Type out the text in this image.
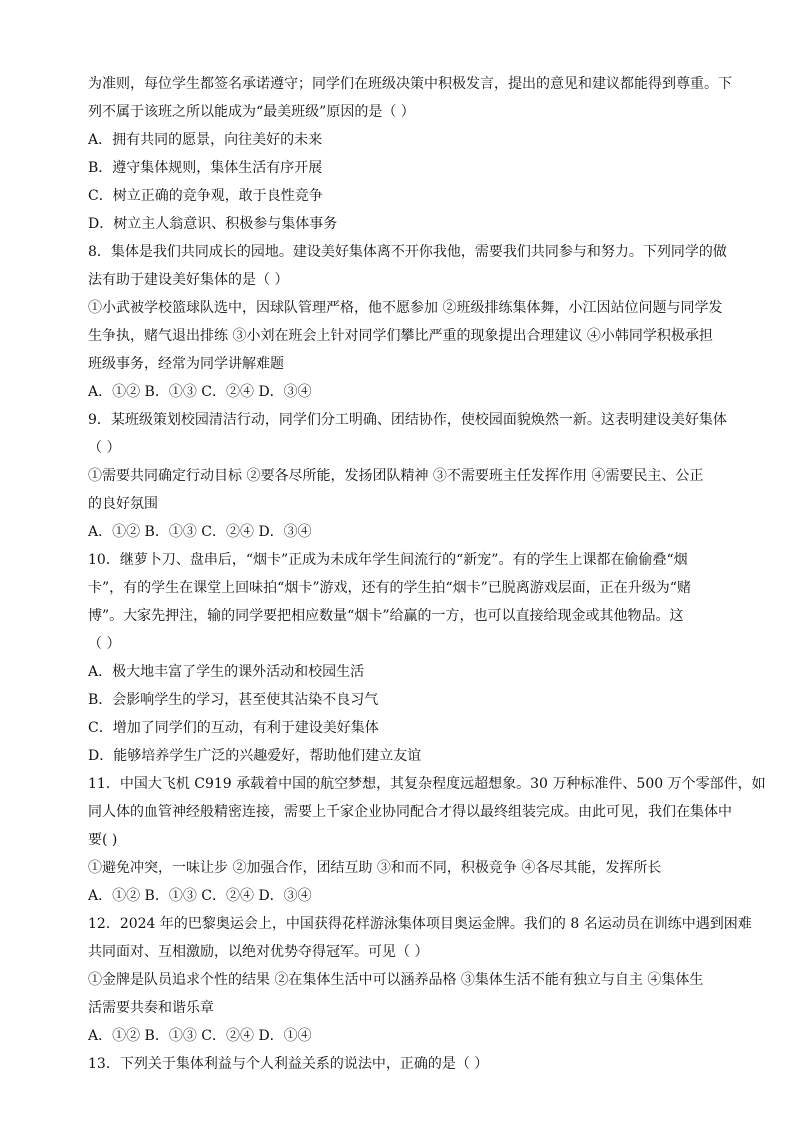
为准则，每位学生都签名承诺遵守；同学们在班级决策中积极发言，提出的意见和建议都能得到尊重。下

列不属于该班之所以能成为“最美班级”原因的是（ ）

A．拥有共同的愿景，向往美好的未来

B．遵守集体规则，集体生活有序开展

C．树立正确的竞争观，敢于良性竞争

D．树立主人翁意识、积极参与集体事务

8．集体是我们共同成长的园地。建设美好集体离不开你我他，需要我们共同参与和努力。下列同学的做

法有助于建设美好集体的是（ ）

①小武被学校篮球队选中，因球队管理严格，他不愿参加 ②班级排练集体舞，小江因站位问题与同学发

生争执，赌气退出排练 ③小刘在班会上针对同学们攀比严重的现象提出合理建议 ④小韩同学积极承担

班级事务，经常为同学讲解难题

A．①② B．①③ C．②④ D．③④

9．某班级策划校园清洁行动，同学们分工明确、团结协作，使校园面貌焕然一新。这表明建设美好集体

（ ）

①需要共同确定行动目标 ②要各尽所能，发扬团队精神 ③不需要班主任发挥作用 ④需要民主、公正

的良好氛围

A．①② B．①③ C．②④ D．③④

10．继萝卜刀、盘串后，“烟卡”正成为未成年学生间流行的“新宠”。有的学生上课都在偷偷叠“烟

卡”，有的学生在课堂上回味拍“烟卡”游戏，还有的学生拍“烟卡”已脱离游戏层面，正在升级为“赌

博”。大家先押注，输的同学要把相应数量“烟卡”给赢的一方，也可以直接给现金或其他物品。这

（ ）

A．极大地丰富了学生的课外活动和校园生活

B．会影响学生的学习，甚至使其沾染不良习气

C．增加了同学们的互动，有利于建设美好集体

D．能够培养学生广泛的兴趣爱好，帮助他们建立友谊

11．中国大飞机 C919 承载着中国的航空梦想，其复杂程度远超想象。30 万种标准件、500 万个零部件，如

同人体的血管神经般精密连接，需要上千家企业协同配合才得以最终组装完成。由此可见，我们在集体中

要( )

①避免冲突，一味让步 ②加强合作，团结互助 ③和而不同，积极竞争 ④各尽其能，发挥所长

A．①② B．①③ C．②④ D．③④

12．2024 年的巴黎奥运会上，中国获得花样游泳集体项目奥运金牌。我们的 8 名运动员在训练中遇到困难

共同面对、互相激励，以绝对优势夺得冠军。可见（ ）

①金牌是队员追求个性的结果 ②在集体生活中可以涵养品格 ③集体生活不能有独立与自主 ④集体生

活需要共奏和谐乐章

A．①② B．①③ C．②④ D．①④

13．下列关于集体利益与个人利益关系的说法中，正确的是（ ）
